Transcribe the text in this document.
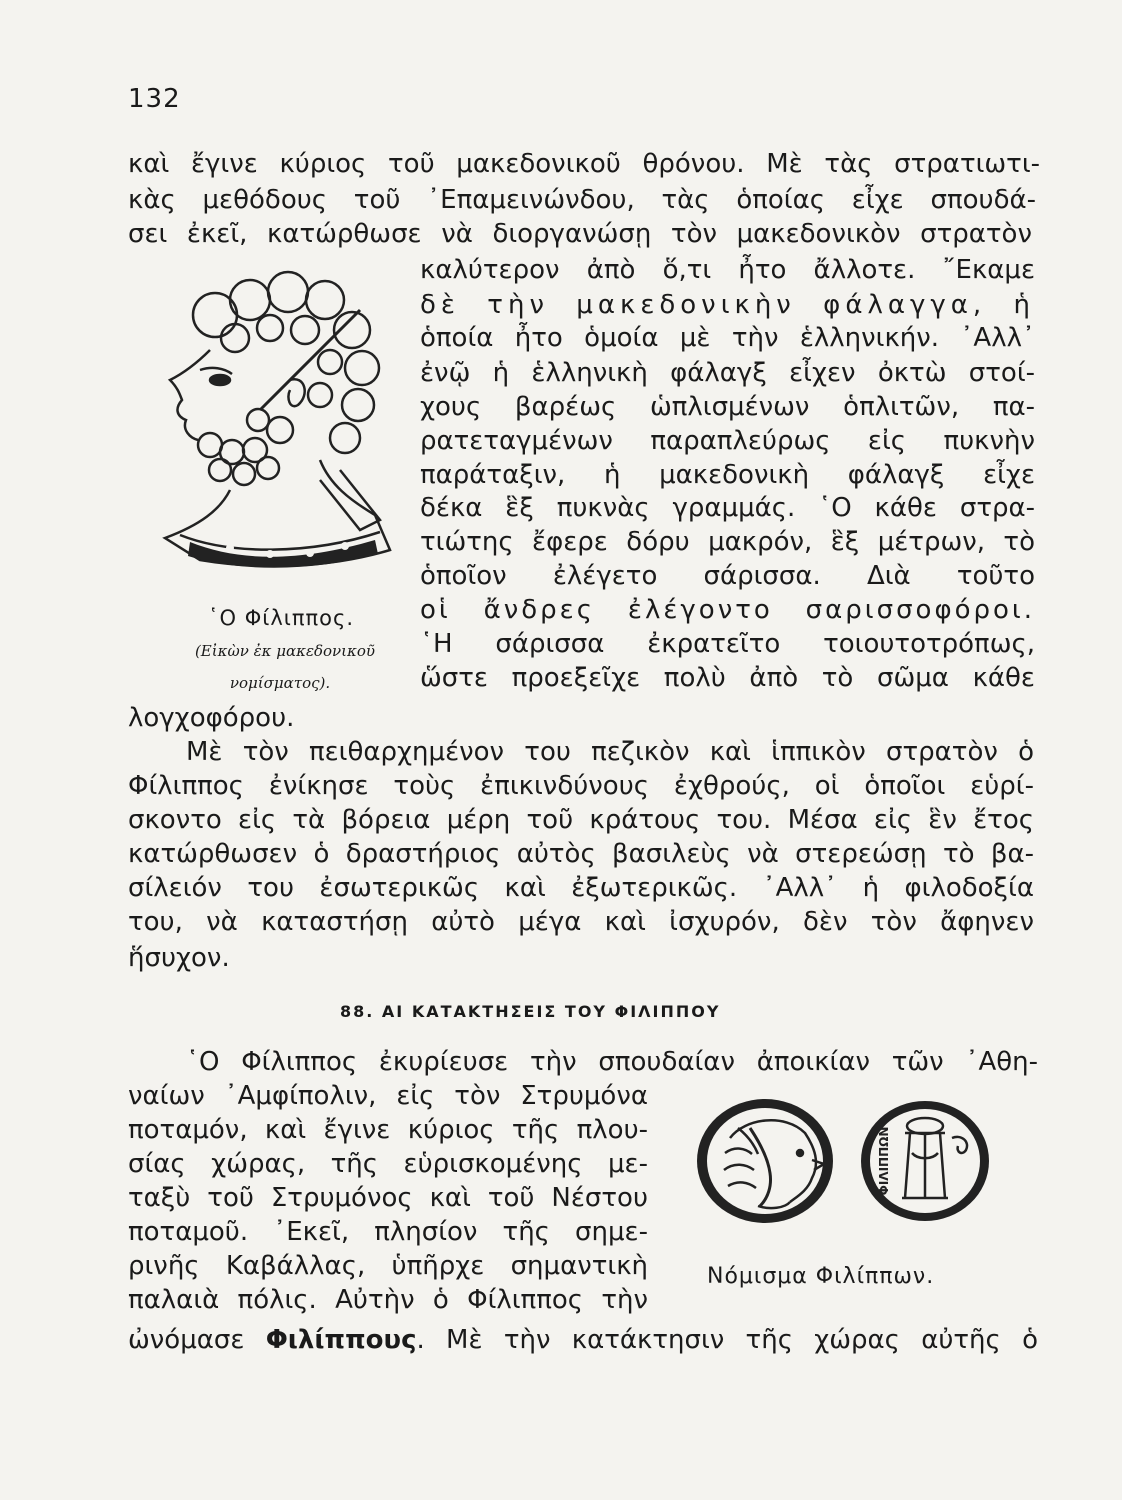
132
καὶ ἔγινε κύριος τοῦ μακεδονικοῦ θρόνου. Μὲ τὰς στρατιωτι-
κὰς μεθόδους τοῦ ᾿Επαμεινώνδου, τὰς ὁποίας εἶχε σπουδά-
σει ἐκεῖ, κατώρθωσε νὰ διοργανώσῃ τὸν μακεδονικὸν στρατὸν
καλύτερον ἀπὸ ὅ,τι ἦτο ἄλλοτε. ῎Εκαμε
δὲ τὴν μακεδονικὴν φάλαγγα, ἡ
ὁποία ἦτο ὁμοία μὲ τὴν ἑλληνικήν. ᾿Αλλ᾿
ἐνῷ ἡ ἑλληνικὴ φάλαγξ εἶχεν ὀκτὼ στοί-
χους βαρέως ὡπλισμένων ὁπλιτῶν, πα-
ρατεταγμένων παραπλεύρως εἰς πυκνὴν
παράταξιν, ἡ μακεδονικὴ φάλαγξ εἶχε
δέκα ἓξ πυκνὰς γραμμάς. ῾Ο κάθε στρα-
τιώτης ἔφερε δόρυ μακρόν, ἓξ μέτρων, τὸ
ὁποῖον ἐλέγετο σάρισσα. Διὰ τοῦτο
οἱ ἄνδρες ἐλέγοντο σαρισσοφόροι.
῾Η σάρισσα ἐκρατεῖτο τοιουτοτρόπως,
ὥστε προεξεῖχε πολὺ ἀπὸ τὸ σῶμα κάθε
῾Ο Φίλιππος.
(Εἰκὼν ἐκ μακεδονικοῦ
νομίσματος).
λογχοφόρου.
Μὲ τὸν πειθαρχημένον του πεζικὸν καὶ ἱππικὸν στρατὸν ὁ
Φίλιππος ἐνίκησε τοὺς ἐπικινδύνους ἐχθρούς, οἱ ὁποῖοι εὑρί-
σκοντο εἰς τὰ βόρεια μέρη τοῦ κράτους του. Μέσα εἰς ἓν ἔτος
κατώρθωσεν ὁ δραστήριος αὐτὸς βασιλεὺς νὰ στερεώσῃ τὸ βα-
σίλειόν του ἐσωτερικῶς καὶ ἐξωτερικῶς. ᾿Αλλ᾿ ἡ φιλοδοξία
του, νὰ καταστήσῃ αὐτὸ μέγα καὶ ἰσχυρόν, δὲν τὸν ἄφηνεν
ἥσυχον.
88. ΑΙ ΚΑΤΑΚΤΗΣΕΙΣ ΤΟΥ ΦΙΛΙΠΠΟΥ
῾Ο Φίλιππος ἐκυρίευσε τὴν σπουδαίαν ἀποικίαν τῶν ᾿Αθη-
ναίων ᾿Αμφίπολιν, εἰς τὸν Στρυμόνα
ποταμόν, καὶ ἔγινε κύριος τῆς πλου-
σίας χώρας, τῆς εὑρισκομένης με-
ταξὺ τοῦ Στρυμόνος καὶ τοῦ Νέστου
ποταμοῦ. ᾿Εκεῖ, πλησίον τῆς σημε-
ρινῆς Καβάλλας, ὑπῆρχε σημαντικὴ
παλαιὰ πόλις. Αὐτὴν ὁ Φίλιππος τὴν
ὠνόμασε Φιλίππους. Μὲ τὴν κατάκτησιν τῆς χώρας αὐτῆς ὁ
ΦΙΛΙΠΠΩΝ
Νόμισμα Φιλίππων.
